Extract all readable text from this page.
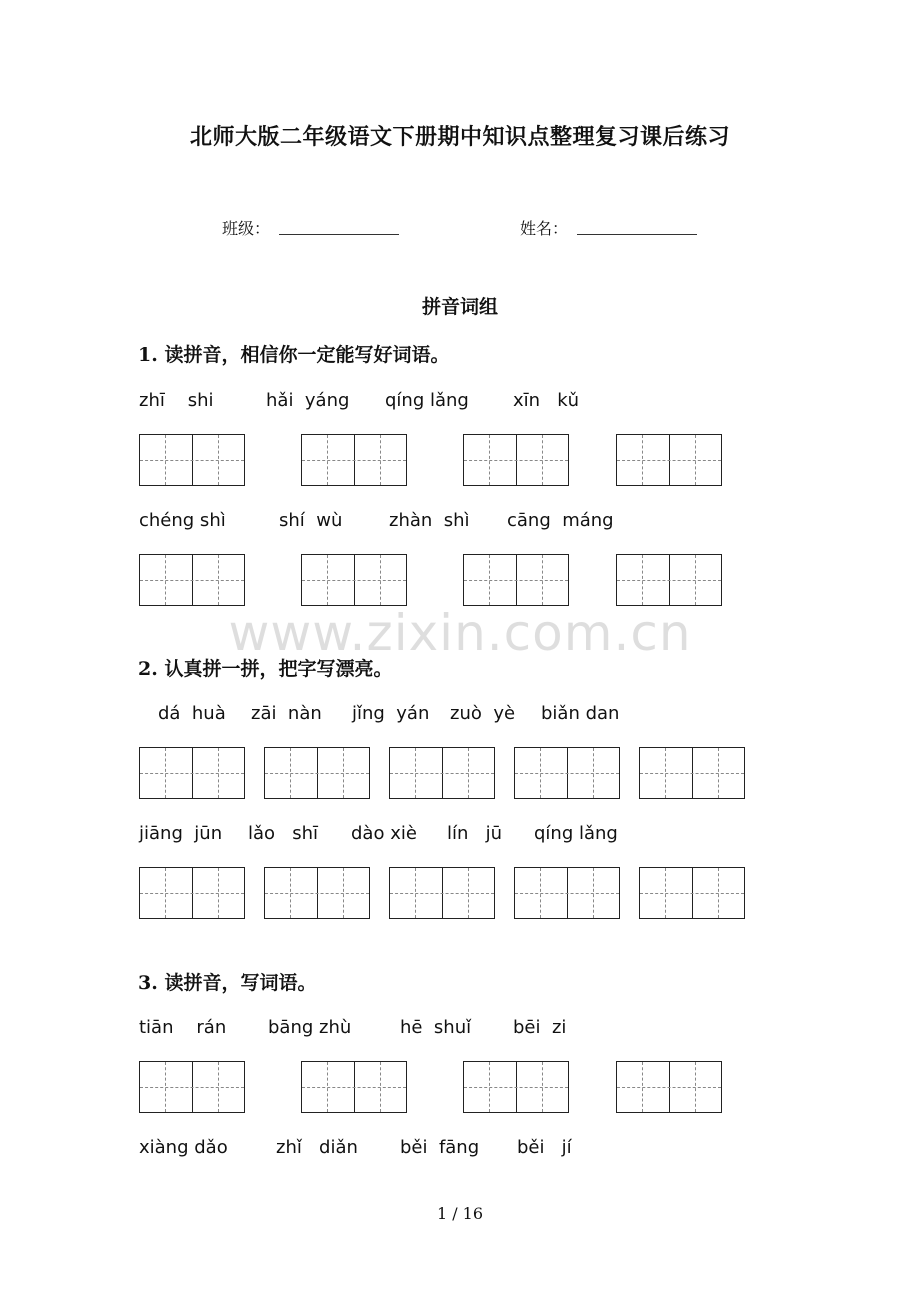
北师大版二年级语文下册期中知识点整理复习课后练习
班级：	姓名：
拼音词组
1. 读拼音，相信你一定能写好词语。
zhī    shi	hǎi  yáng qíng lǎng xīn   kǔ
chéng shì	shí  wù	zhàn  shì cāng  máng
www.zixin.com.cn
2. 认真拼一拼，把字写漂亮。
dá  huà zāi  nàn jǐng  yán zuò  yè biǎn dan
jiāng  jūn lǎo   shī dào xiè lín   jū qíng lǎng
3. 读拼音，写词语。
tiān    rán bāng zhù	hē  shuǐ bēi  zi
xiàng dǎo	zhǐ   diǎn běi  fāng běi   jí
1 / 16
